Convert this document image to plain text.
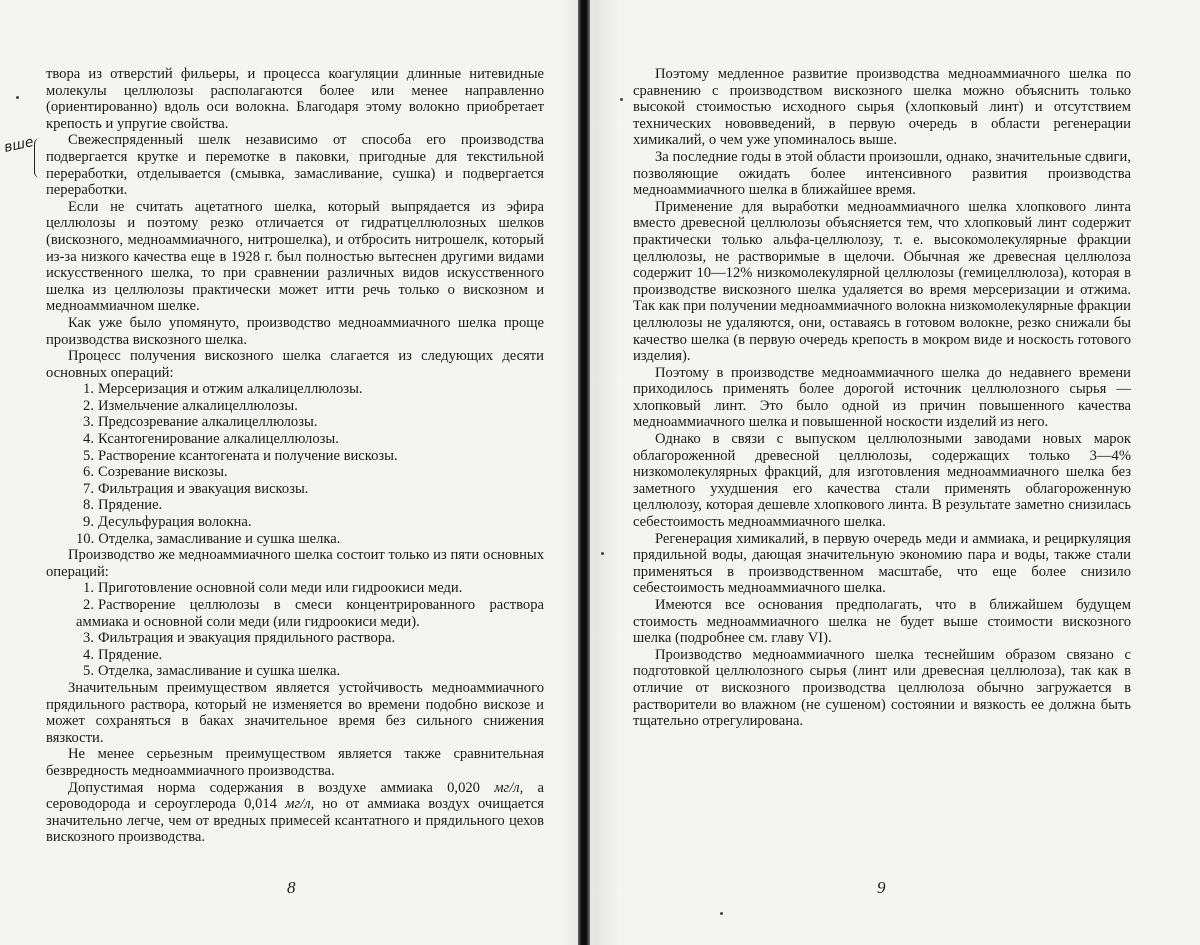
вше

твора из отверстий фильеры, и процесса коагуляции длинные нитевидные молекулы целлюлозы располагаются более или менее направленно (ориентированно) вдоль оси волокна. Благодаря этому волокно приобретает крепость и упругие свойства.

Свежеспряденный шелк независимо от способа его производства подвергается крутке и перемотке в паковки, пригодные для текстильной переработки, отделывается (смывка, замасливание, сушка) и подвергается переработки.

Если не считать ацетатного шелка, который выпрядается из эфира целлюлозы и поэтому резко отличается от гидратцеллюлозных шелков (вискозного, медноаммиачного, нитрошелка), и отбросить нитрошелк, который из-за низкого качества еще в 1928 г. был полностью вытеснен другими видами искусственного шелка, то при сравнении различных видов искусственного шелка из целлюлозы практически может итти речь только о вискозном и медноаммиачном шелке.

Как уже было упомянуто, производство медноаммиачного шелка проще производства вискозного шелка.

Процесс получения вискозного шелка слагается из следующих десяти основных операций:

1. Мерсеризация и отжим алкалицеллюлозы.
2. Измельчение алкалицеллюлозы.
3. Предсозревание алкалицеллюлозы.
4. Ксантогенирование алкалицеллюлозы.
5. Растворение ксантогената и получение вискозы.
6. Созревание вискозы.
7. Фильтрация и эвакуация вискозы.
8. Прядение.
9. Десульфурация волокна.
10. Отделка, замасливание и сушка шелка.

Производство же медноаммиачного шелка состоит только из пяти основных операций:

1. Приготовление основной соли меди или гидроокиси меди.
2. Растворение целлюлозы в смеси концентрированного раствора аммиака и основной соли меди (или гидроокиси меди).
3. Фильтрация и эвакуация прядильного раствора.
4. Прядение.
5. Отделка, замасливание и сушка шелка.

Значительным преимуществом является устойчивость медноаммиачного прядильного раствора, который не изменяется во времени подобно вискозе и может сохраняться в баках значительное время без сильного снижения вязкости.

Не менее серьезным преимуществом является также сравнительная безвредность медноаммиачного производства.

Допустимая норма содержания в воздухе аммиака 0,020 мг/л, а сероводорода и сероуглерода 0,014 мг/л, но от аммиака воздух очищается значительно легче, чем от вредных примесей ксантатного и прядильного цехов вискозного производства.

8

Поэтому медленное развитие производства медноаммиачного шелка по сравнению с производством вискозного шелка можно объяснить только высокой стоимостью исходного сырья (хлопковый линт) и отсутствием технических нововведений, в первую очередь в области регенерации химикалий, о чем уже упоминалось выше.

За последние годы в этой области произошли, однако, значительные сдвиги, позволяющие ожидать более интенсивного развития производства медноаммиачного шелка в ближайшее время.

Применение для выработки медноаммиачного шелка хлопкового линта вместо древесной целлюлозы объясняется тем, что хлопковый линт содержит практически только альфа-целлюлозу, т. е. высокомолекулярные фракции целлюлозы, не растворимые в щелочи. Обычная же древесная целлюлоза содержит 10—12% низкомолекулярной целлюлозы (гемицеллюлоза), которая в производстве вискозного шелка удаляется во время мерсеризации и отжима. Так как при получении медноаммиачного волокна низкомолекулярные фракции целлюлозы не удаляются, они, оставаясь в готовом волокне, резко снижали бы качество шелка (в первую очередь крепость в мокром виде и носкость готового изделия).

Поэтому в производстве медноаммиачного шелка до недавнего времени приходилось применять более дорогой источник целлюлозного сырья — хлопковый линт. Это было одной из причин повышенного качества медноаммиачного шелка и повышенной носкости изделий из него.

Однако в связи с выпуском целлюлозными заводами новых марок облагороженной древесной целлюлозы, содержащих только 3—4% низкомолекулярных фракций, для изготовления медноаммиачного шелка без заметного ухудшения его качества стали применять облагороженную целлюлозу, которая дешевле хлопкового линта. В результате заметно снизилась себестоимость медноаммиачного шелка.

Регенерация химикалий, в первую очередь меди и аммиака, и рециркуляция прядильной воды, дающая значительную экономию пара и воды, также стали применяться в производственном масштабе, что еще более снизило себестоимость медноаммиачного шелка.

Имеются все основания предполагать, что в ближайшем будущем стоимость медноаммиачного шелка не будет выше стоимости вискозного шелка (подробнее см. главу VI).

Производство медноаммиачного шелка теснейшим образом связано с подготовкой целлюлозного сырья (линт или древесная целлюлоза), так как в отличие от вискозного производства целлюлоза обычно загружается в растворители во влажном (не сушеном) состоянии и вязкость ее должна быть тщательно отрегулирована.

9
